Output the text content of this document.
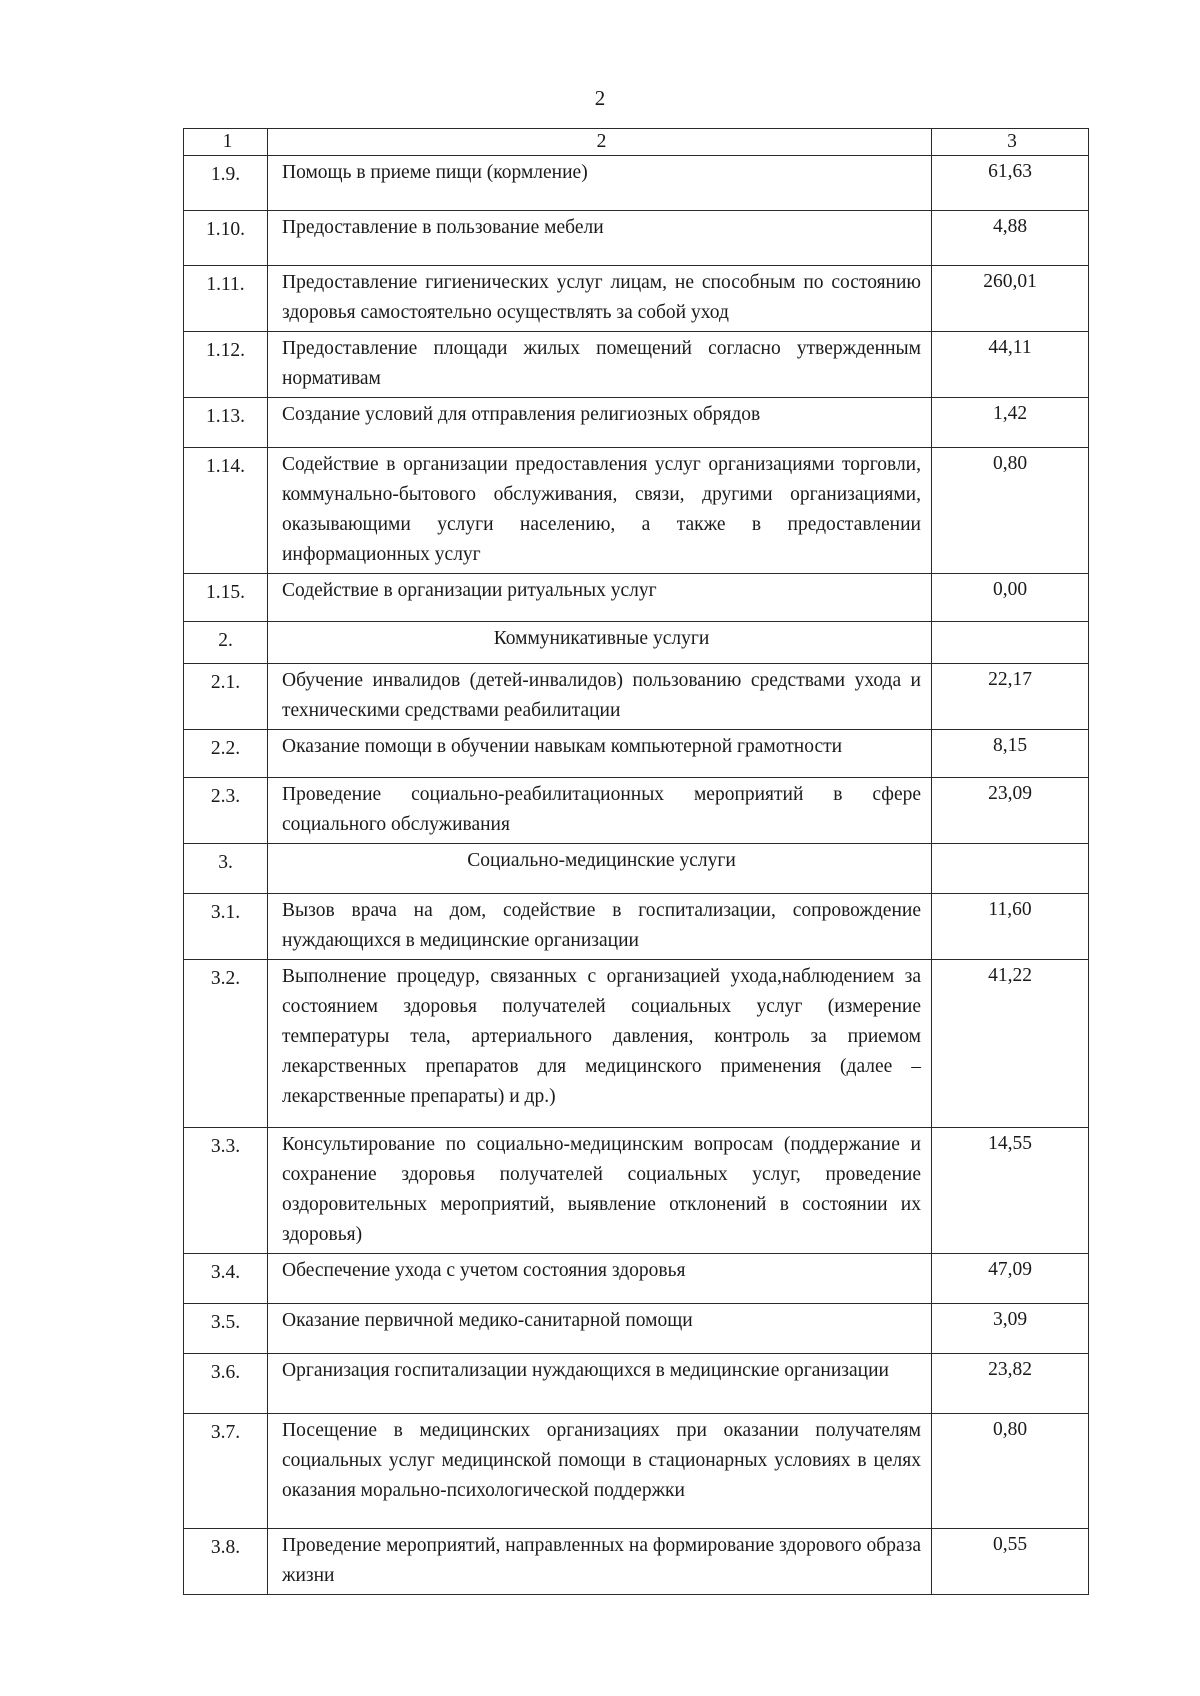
2
1	2	3
1.9.	Помощь в приеме пищи (кормление)	61,63
1.10.	Предоставление в пользование мебели	4,88
1.11.	Предоставление гигиенических услуг лицам, не способным по состоянию здоровья самостоятельно осуществлять за собой уход	260,01
1.12.	Предоставление площади жилых помещений согласно утвержденным нормативам	44,11
1.13.	Создание условий для отправления религиозных обрядов	1,42
1.14.	Содействие в организации предоставления услуг организациями торговли, коммунально-бытового обслуживания, связи, другими организациями, оказывающими услуги населению, а также в предоставлении информационных услуг	0,80
1.15.	Содействие в организации ритуальных услуг	0,00
2.	Коммуникативные услуги	
2.1.	Обучение инвалидов (детей-инвалидов) пользованию средствами ухода и техническими средствами реабилитации	22,17
2.2.	Оказание помощи в обучении навыкам компьютерной грамотности	8,15
2.3.	Проведение социально-реабилитационных мероприятий в сфере социального обслуживания	23,09
3.	Социально-медицинские услуги	
3.1.	Вызов врача на дом, содействие в госпитализации, сопровождение нуждающихся в медицинские организации	11,60
3.2.	Выполнение процедур, связанных с организацией ухода,наблюдением за состоянием здоровья получателей социальных услуг (измерение температуры тела, артериального давления, контроль за приемом лекарственных препаратов для медицинского применения (далее – лекарственные препараты) и др.)	41,22
3.3.	Консультирование по социально-медицинским вопросам (поддержание и сохранение здоровья получателей социальных услуг, проведение оздоровительных мероприятий, выявление отклонений в состоянии их здоровья)	14,55
3.4.	Обеспечение ухода с учетом состояния здоровья	47,09
3.5.	Оказание первичной медико-санитарной помощи	3,09
3.6.	Организация госпитализации нуждающихся в медицинские организации	23,82
3.7.	Посещение в медицинских организациях при оказании получателям социальных услуг медицинской помощи в стационарных условиях в целях оказания морально-психологической поддержки	0,80
3.8.	Проведение мероприятий, направленных на формирование здорового образа жизни	0,55
